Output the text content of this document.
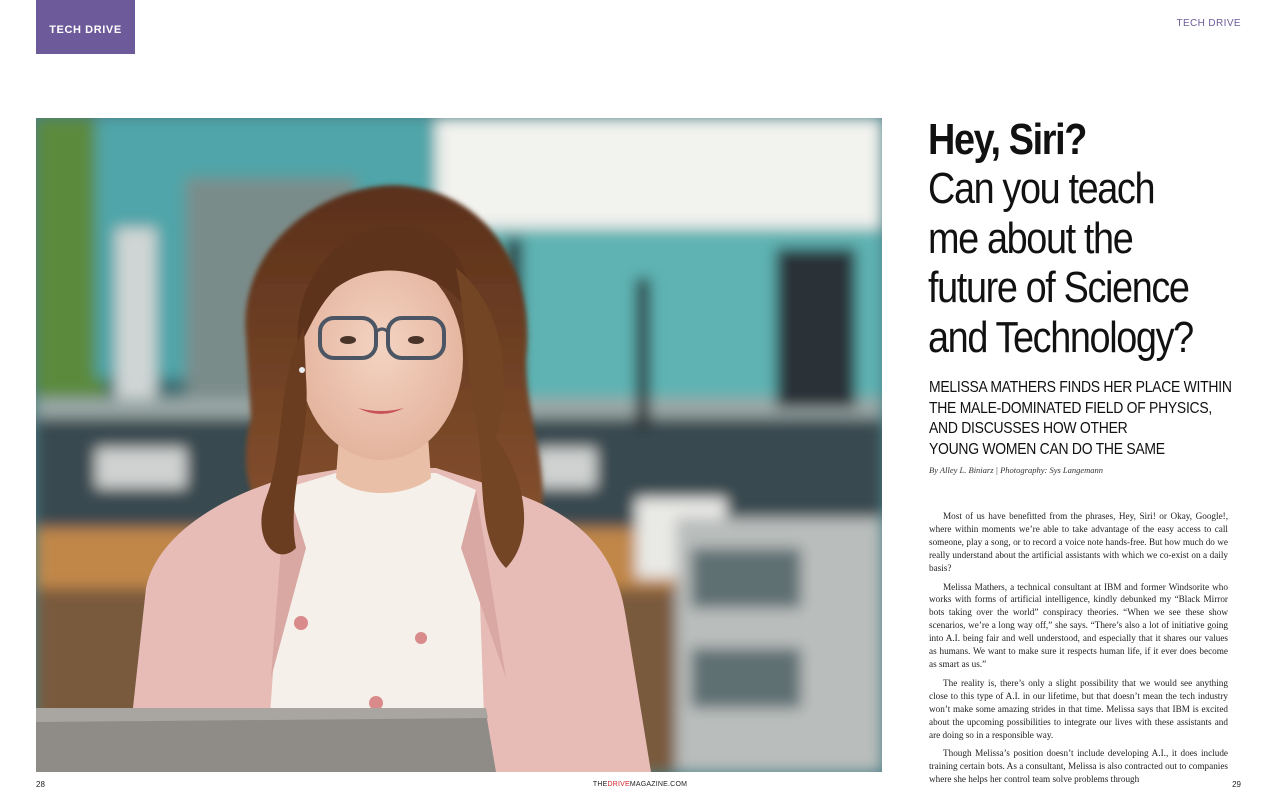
TECH DRIVE
TECH DRIVE
Hey, Siri?
Can you teach
me about the
future of Science
and Technology?
MELISSA MATHERS FINDS HER PLACE WITHIN
THE MALE-DOMINATED FIELD OF PHYSICS,
AND DISCUSSES HOW OTHER
YOUNG WOMEN CAN DO THE SAME
By Alley L. Biniarz | Photography: Sys Langemann

Most of us have benefitted from the phrases, Hey, Siri! or Okay, Google!, where within moments we’re able to take advantage of the easy access to call someone, play a song, or to record a voice note hands-free. But how much do we really understand about the artificial assistants with which we co-exist on a daily basis?

Melissa Mathers, a technical consultant at IBM and former Windsorite who works with forms of artificial intelligence, kindly debunked my “Black Mirror bots taking over the world” conspiracy theories. “When we see these show scenarios, we’re a long way off,” she says. “There’s also a lot of initiative going into A.I. being fair and well understood, and especially that it shares our values as humans. We want to make sure it respects human life, if it ever does become as smart as us.”

The reality is, there’s only a slight possibility that we would see anything close to this type of A.I. in our lifetime, but that doesn’t mean the tech industry won’t make some amazing strides in that time. Melissa says that IBM is excited about the upcoming possibilities to integrate our lives with these assistants and are doing so in a responsible way.

Though Melissa’s position doesn’t include developing A.I., it does include training certain bots. As a consultant, Melissa is also contracted out to companies where she helps her control team solve problems through

28	THEDRIVEMAGAZINE.COM	29
